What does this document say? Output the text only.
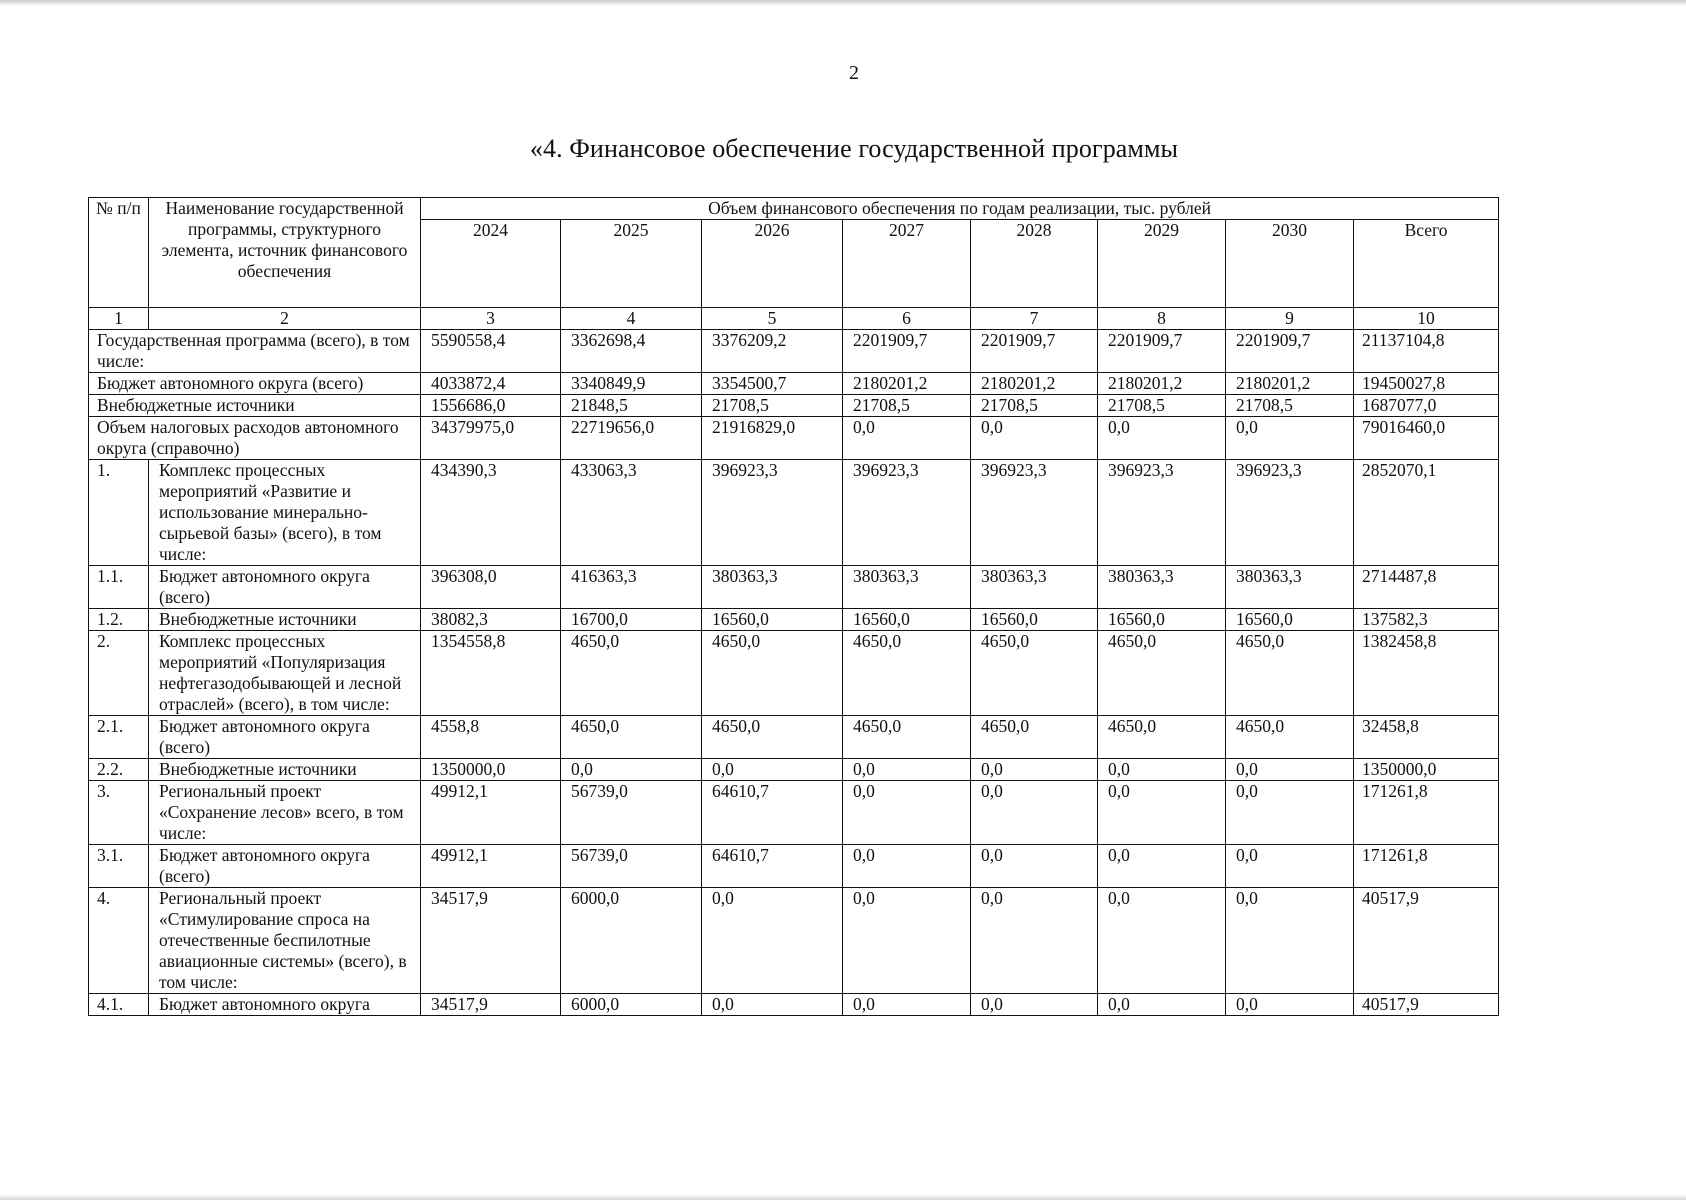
2
«4. Финансовое обеспечение государственной программы
№ п/п	Наименование государственной программы, структурного элемента, источник финансового обеспечения	Объем финансового обеспечения по годам реализации, тыс. рублей							
		2024	2025	2026	2027	2028	2029	2030	Всего
1	2	3	4	5	6	7	8	9	10
Государственная программа (всего), в том числе:		5590558,4	3362698,4	3376209,2	2201909,7	2201909,7	2201909,7	2201909,7	21137104,8
Бюджет автономного округа (всего)		4033872,4	3340849,9	3354500,7	2180201,2	2180201,2	2180201,2	2180201,2	19450027,8
Внебюджетные источники		1556686,0	21848,5	21708,5	21708,5	21708,5	21708,5	21708,5	1687077,0
Объем налоговых расходов автономного округа (справочно)		34379975,0	22719656,0	21916829,0	0,0	0,0	0,0	0,0	79016460,0
1.	Комплекс процессных мероприятий «Развитие и использование минерально-сырьевой базы» (всего), в том числе:	434390,3	433063,3	396923,3	396923,3	396923,3	396923,3	396923,3	2852070,1
1.1.	Бюджет автономного округа (всего)	396308,0	416363,3	380363,3	380363,3	380363,3	380363,3	380363,3	2714487,8
1.2.	Внебюджетные источники	38082,3	16700,0	16560,0	16560,0	16560,0	16560,0	16560,0	137582,3
2.	Комплекс процессных мероприятий «Популяризация нефтегазодобывающей и лесной отраслей» (всего), в том числе:	1354558,8	4650,0	4650,0	4650,0	4650,0	4650,0	4650,0	1382458,8
2.1.	Бюджет автономного округа (всего)	4558,8	4650,0	4650,0	4650,0	4650,0	4650,0	4650,0	32458,8
2.2.	Внебюджетные источники	1350000,0	0,0	0,0	0,0	0,0	0,0	0,0	1350000,0
3.	Региональный проект «Сохранение лесов» всего, в том числе:	49912,1	56739,0	64610,7	0,0	0,0	0,0	0,0	171261,8
3.1.	Бюджет автономного округа (всего)	49912,1	56739,0	64610,7	0,0	0,0	0,0	0,0	171261,8
4.	Региональный проект «Стимулирование спроса на отечественные беспилотные авиационные системы» (всего), в том числе:	34517,9	6000,0	0,0	0,0	0,0	0,0	0,0	40517,9
4.1.	Бюджет автономного округа	34517,9	6000,0	0,0	0,0	0,0	0,0	0,0	40517,9
